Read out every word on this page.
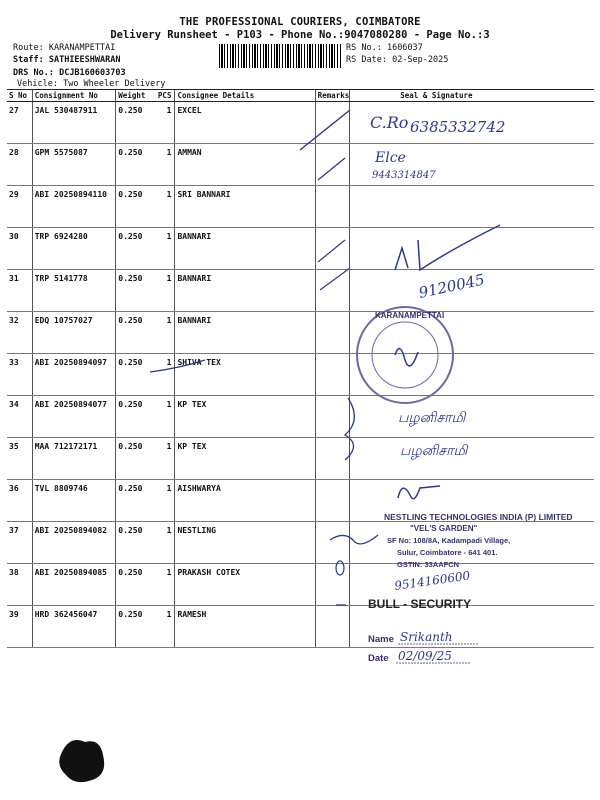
THE PROFESSIONAL COURIERS, COIMBATORE
Delivery Runsheet - P103 - Phone No.:9047080280 - Page No.:3
Route: KARANAMPETTAI
Staff: SATHIEESHWARAN
DRS No.: DCJB160603703
Vehicle: Two Wheeler Delivery
RS No.: 1606037
RS Date: 02-Sep-2025
S No	Consignment No	Weight	PCS	Consignee Details	Remarks	Seal & Signature
27	JAL 530487911	0.250	1	EXCEL		
28	GPM 5575087	0.250	1	AMMAN		
29	ABI 20250894110	0.250	1	SRI BANNARI		
30	TRP 6924280	0.250	1	BANNARI		
31	TRP 5141778	0.250	1	BANNARI		
32	EDQ 10757027	0.250	1	BANNARI		
33	ABI 20250894097	0.250	1	SHIVA TEX		
34	ABI 20250894077	0.250	1	KP TEX		
35	MAA 712172171	0.250	1	KP TEX		
36	TVL 8809746	0.250	1	AISHWARYA		
37	ABI 20250894082	0.250	1	NESTLING		
38	ABI 20250894085	0.250	1	PRAKASH COTEX		
39	HRD 362456047	0.250	1	RAMESH		
C.Ro 6385332742
Elce
9443314847
9120045
KARANAMPETTAI
பழனிசாமி
பழனிசாமி
NESTLING TECHNOLOGIES INDIA (P) LIMITED
"VEL'S GARDEN"
SF No: 108/8A, Kadampadi Village,
Sulur, Coimbatore - 641 401.
GSTIN: 33AAFCN
9514160600
BULL - SECURITY
Name Srikanth
Date 02/09/25
